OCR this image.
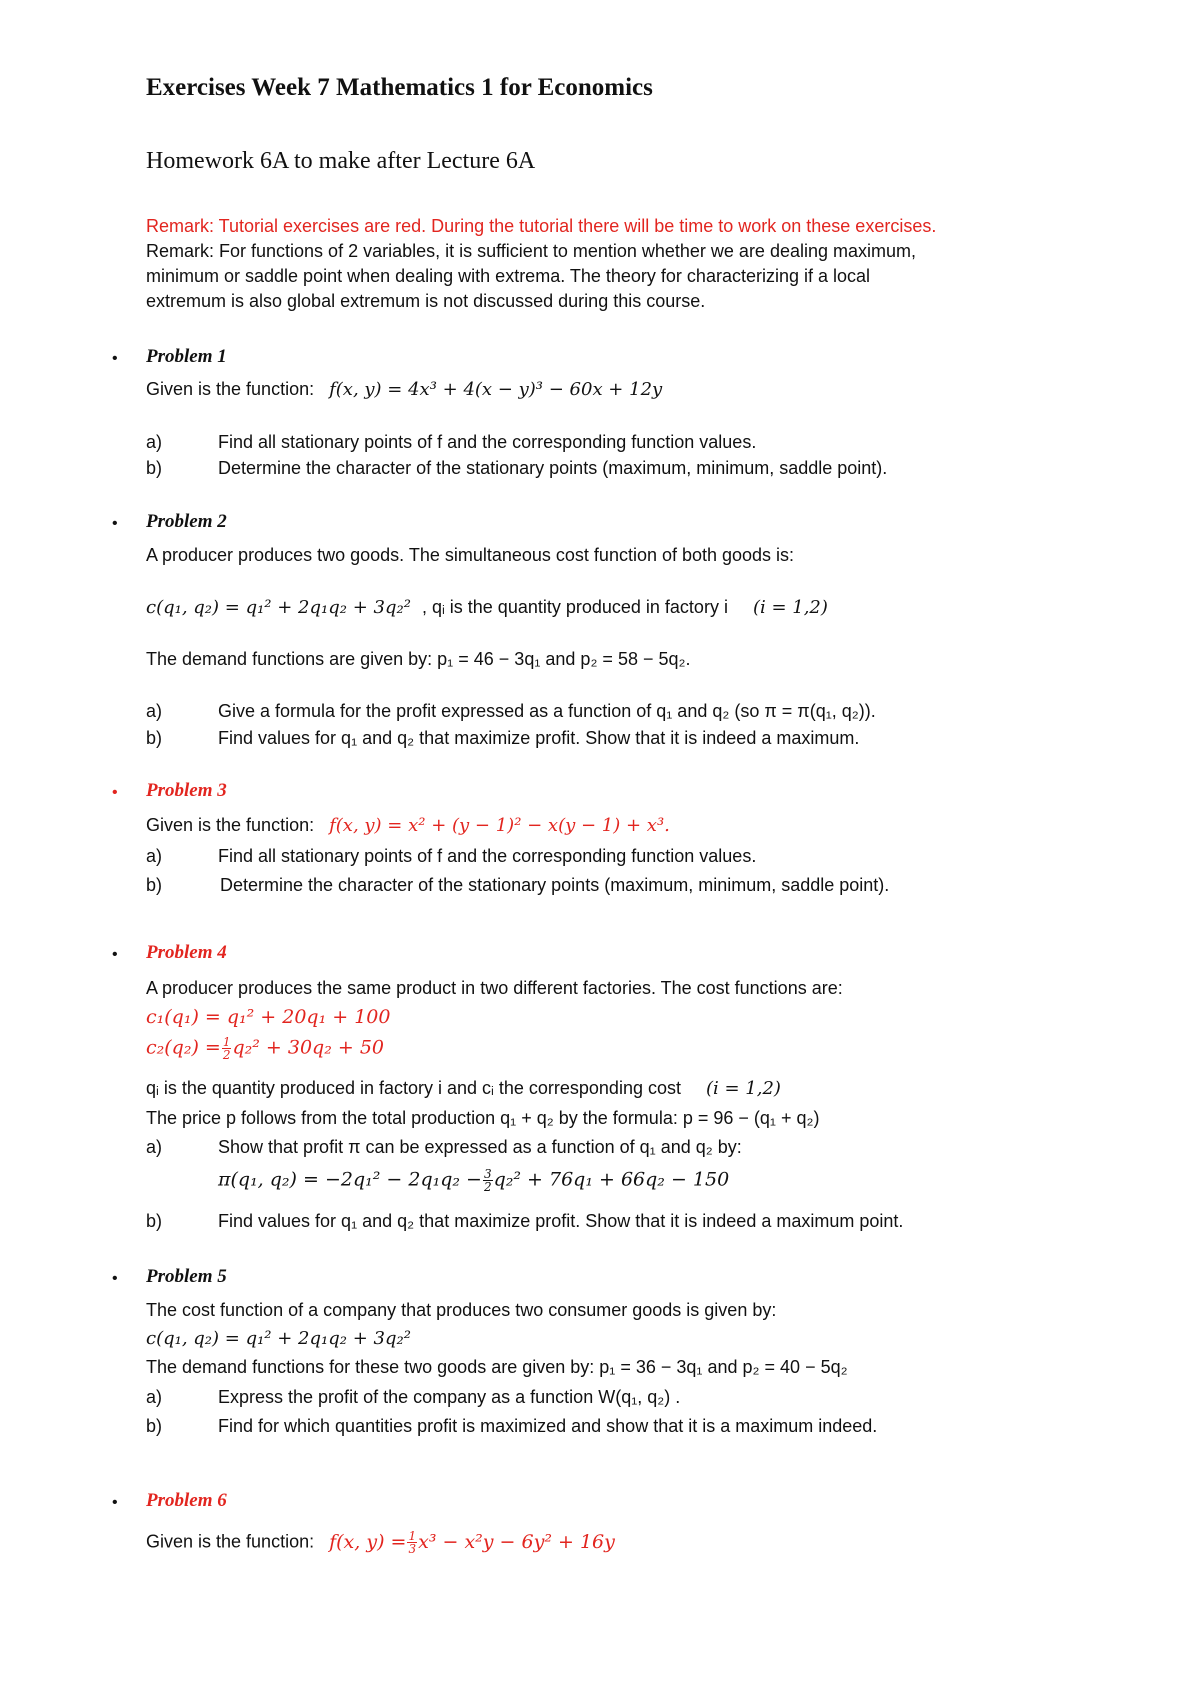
Exercises Week 7 Mathematics 1 for Economics
Homework 6A to make after Lecture 6A
Remark: Tutorial exercises are red. During the tutorial there will be time to work on these exercises.
Remark: For functions of 2 variables, it is sufficient to mention whether we are dealing maximum,
minimum or saddle point when dealing with extrema. The theory for characterizing if a local
extremum is also global extremum is not discussed during this course.
• Problem 1
Given is the function: f(x, y) = 4x³ + 4(x − y)³ − 60x + 12y
a)	Find all stationary points of f and the corresponding function values.
b)	Determine the character of the stationary points (maximum, minimum, saddle point).
• Problem 2
A producer produces two goods. The simultaneous cost function of both goods is:
c(q₁, q₂) = q₁² + 2q₁q₂ + 3q₂² , qᵢ is the quantity produced in factory i (i = 1,2)
The demand functions are given by: p₁ = 46 − 3q₁ and p₂ = 58 − 5q₂.
a)	Give a formula for the profit expressed as a function of q₁ and q₂ (so π = π(q₁, q₂)).
b)	Find values for q₁ and q₂ that maximize profit. Show that it is indeed a maximum.
• Problem 3
Given is the function: f(x, y) = x² + (y − 1)² − x(y − 1) + x³.
a)	Find all stationary points of f and the corresponding function values.
b)	Determine the character of the stationary points (maximum, minimum, saddle point).
• Problem 4
A producer produces the same product in two different factories. The cost functions are:
c₁(q₁) = q₁² + 20q₁ + 100
$c_2(q_2) = \frac{1}{2} q_2^2 + 30q_2 + 50$
qᵢ is the quantity produced in factory i and cᵢ the corresponding cost (i = 1,2)
The price p follows from the total production q₁ + q₂ by the formula: p = 96 − (q₁ + q₂)
a)	Show that profit π can be expressed as a function of q₁ and q₂ by:
π(q₁, $q_2) = -2q_1^2 - 2q_1q_2 - \frac{3}{2} q_2^2 + 76q_1 + 66q_2 - 150$
b)	Find values for q₁ and q₂ that maximize profit. Show that it is indeed a maximum point.
• Problem 5
The cost function of a company that produces two consumer goods is given by:
c(q₁, q₂) = q₁² + 2q₁q₂ + 3q₂²
The demand functions for these two goods are given by: p₁ = 36 − 3q₁ and p₂ = 40 − 5q₂
a)	Express the profit of the company as a function W(q₁, q₂) .
b)	Find for which quantities profit is maximized and show that it is a maximum indeed.
• Problem 6
Given is the function: f(x, $y) = \frac{1}{3} x^3 - x^2y - 6y^2 + 16y$
